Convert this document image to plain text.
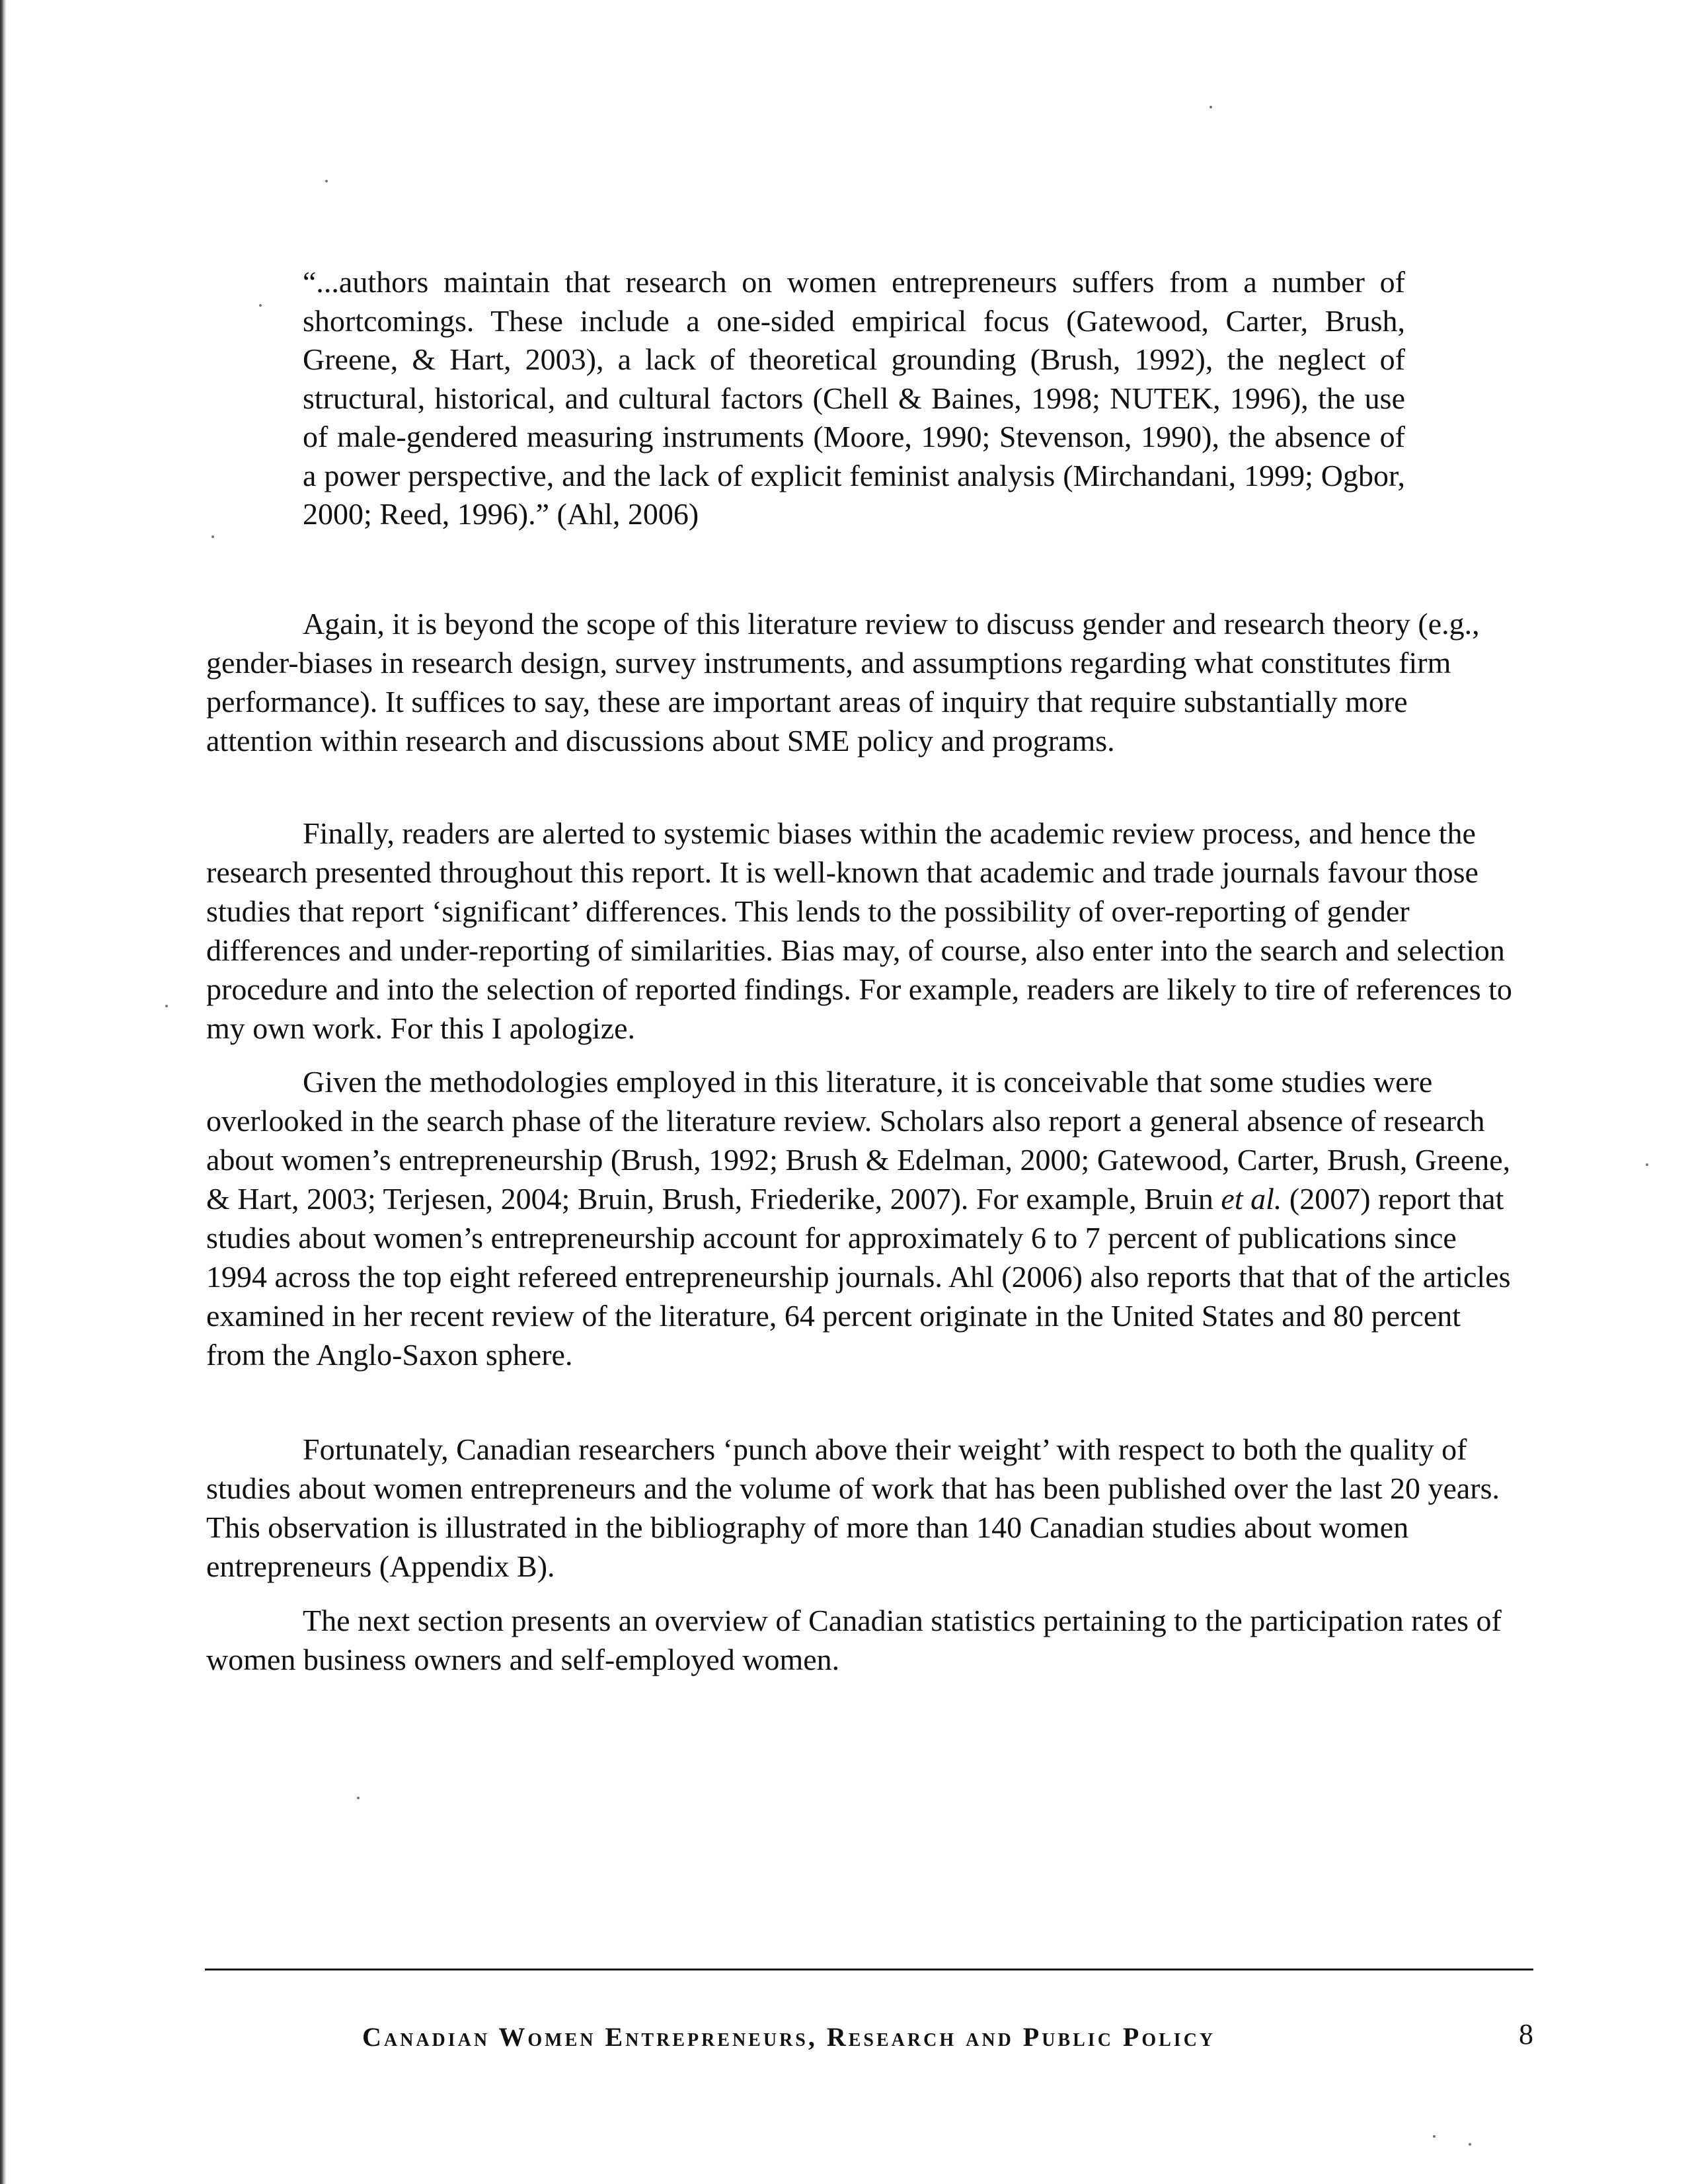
“...authors maintain that research on women entrepreneurs suffers from a number of shortcomings. These include a one-sided empirical focus (Gatewood, Carter, Brush, Greene, & Hart, 2003), a lack of theoretical grounding (Brush, 1992), the neglect of structural, historical, and cultural factors (Chell & Baines, 1998; NUTEK, 1996), the use of male-gendered measuring instruments (Moore, 1990; Stevenson, 1990), the absence of a power perspective, and the lack of explicit feminist analysis (Mirchandani, 1999; Ogbor, 2000; Reed, 1996).” (Ahl, 2006)

Again, it is beyond the scope of this literature review to discuss gender and research theory (e.g., gender-biases in research design, survey instruments, and assumptions regarding what constitutes firm performance). It suffices to say, these are important areas of inquiry that require substantially more attention within research and discussions about SME policy and programs.

Finally, readers are alerted to systemic biases within the academic review process, and hence the research presented throughout this report. It is well-known that academic and trade journals favour those studies that report ‘significant’ differences. This lends to the possibility of over-reporting of gender differences and under-reporting of similarities. Bias may, of course, also enter into the search and selection procedure and into the selection of reported findings. For example, readers are likely to tire of references to my own work. For this I apologize.

Given the methodologies employed in this literature, it is conceivable that some studies were overlooked in the search phase of the literature review. Scholars also report a general absence of research about women’s entrepreneurship (Brush, 1992; Brush & Edelman, 2000; Gatewood, Carter, Brush, Greene, & Hart, 2003; Terjesen, 2004; Bruin, Brush, Friederike, 2007). For example, Bruin et al. (2007) report that studies about women’s entrepreneurship account for approximately 6 to 7 percent of publications since 1994 across the top eight refereed entrepreneurship journals. Ahl (2006) also reports that that of the articles examined in her recent review of the literature, 64 percent originate in the United States and 80 percent from the Anglo-Saxon sphere.

Fortunately, Canadian researchers ‘punch above their weight’ with respect to both the quality of studies about women entrepreneurs and the volume of work that has been published over the last 20 years. This observation is illustrated in the bibliography of more than 140 Canadian studies about women entrepreneurs (Appendix B).

The next section presents an overview of Canadian statistics pertaining to the participation rates of women business owners and self-employed women.

Canadian Women Entrepreneurs, Research and Public Policy	8
